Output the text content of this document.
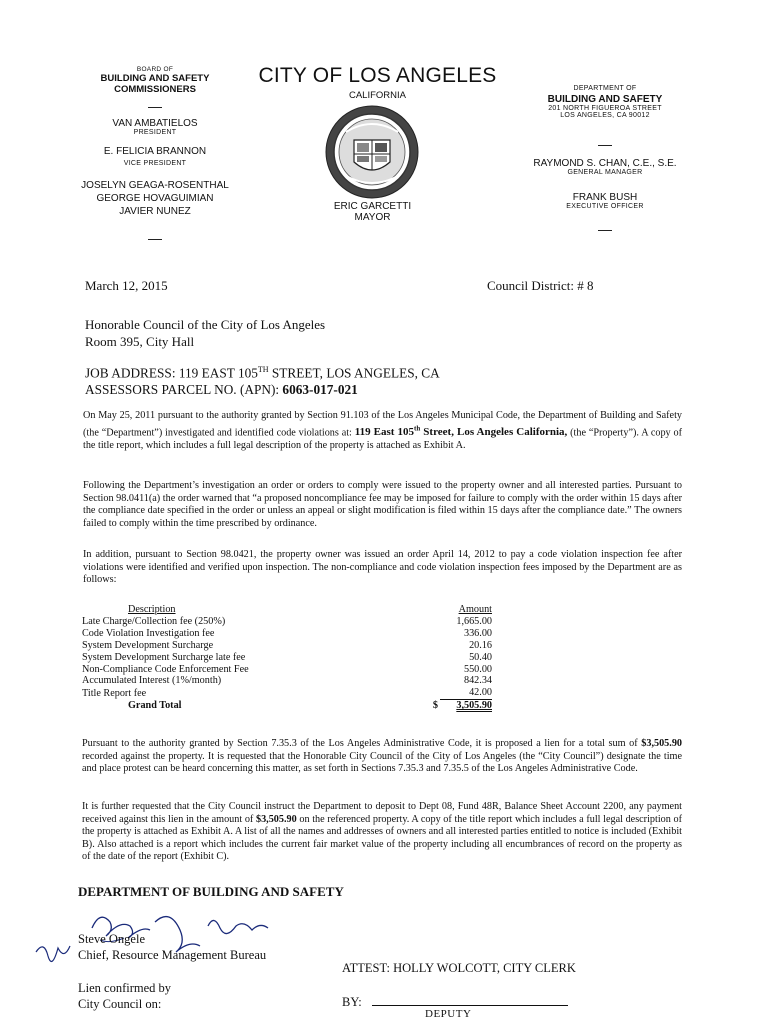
BOARD OF
BUILDING AND SAFETY
COMMISSIONERS
VAN AMBATIELOS
PRESIDENT
E. FELICIA BRANNON
VICE PRESIDENT
JOSELYN GEAGA-ROSENTHAL
GEORGE HOVAGUIMIAN
JAVIER NUNEZ
CITY OF LOS ANGELES
CALIFORNIA
ERIC GARCETTI
MAYOR
DEPARTMENT OF
BUILDING AND SAFETY
201 NORTH FIGUEROA STREET
LOS ANGELES, CA 90012
RAYMOND S. CHAN, C.E., S.E.
GENERAL MANAGER
FRANK BUSH
EXECUTIVE OFFICER
March 12, 2015	Council District: # 8
Honorable Council of the City of Los Angeles
Room 395, City Hall
JOB ADDRESS: 119 EAST 105TH STREET, LOS ANGELES, CA
ASSESSORS PARCEL NO. (APN): 6063-017-021
On May 25, 2011 pursuant to the authority granted by Section 91.103 of the Los Angeles Municipal Code, the Department of Building and Safety (the “Department”) investigated and identified code violations at: 119 East 105th Street, Los Angeles California, (the “Property”). A copy of the title report, which includes a full legal description of the property is attached as Exhibit A.
Following the Department’s investigation an order or orders to comply were issued to the property owner and all interested parties. Pursuant to Section 98.0411(a) the order warned that “a proposed noncompliance fee may be imposed for failure to comply with the order within 15 days after the compliance date specified in the order or unless an appeal or slight modification is filed within 15 days after the compliance date.” The owners failed to comply within the time prescribed by ordinance.
In addition, pursuant to Section 98.0421, the property owner was issued an order April 14, 2012 to pay a code violation inspection fee after violations were identified and verified upon inspection. The non-compliance and code violation inspection fees imposed by the Department are as follows:
Description		Amount
Late Charge/Collection fee (250%)		1,665.00
Code Violation Investigation fee		336.00
System Development Surcharge		20.16
System Development Surcharge late fee		50.40
Non-Compliance Code Enforcement Fee		550.00
Accumulated Interest (1%/month)		842.34
Title Report fee		42.00
Grand Total	$	3,505.90
Pursuant to the authority granted by Section 7.35.3 of the Los Angeles Administrative Code, it is proposed a lien for a total sum of $3,505.90 recorded against the property. It is requested that the Honorable City Council of the City of Los Angeles (the “City Council”) designate the time and place protest can be heard concerning this matter, as set forth in Sections 7.35.3 and 7.35.5 of the Los Angeles Administrative Code.
It is further requested that the City Council instruct the Department to deposit to Dept 08, Fund 48R, Balance Sheet Account 2200, any payment received against this lien in the amount of $3,505.90 on the referenced property. A copy of the title report which includes a full legal description of the property is attached as Exhibit A. A list of all the names and addresses of owners and all interested parties entitled to notice is included (Exhibit B). Also attached is a report which includes the current fair market value of the property including all encumbrances of record on the property as of the date of the report (Exhibit C).
DEPARTMENT OF BUILDING AND SAFETY
Steve Ongele
Chief, Resource Management Bureau
Lien confirmed by
City Council on:
ATTEST: HOLLY WOLCOTT, CITY CLERK
BY:
DEPUTY
